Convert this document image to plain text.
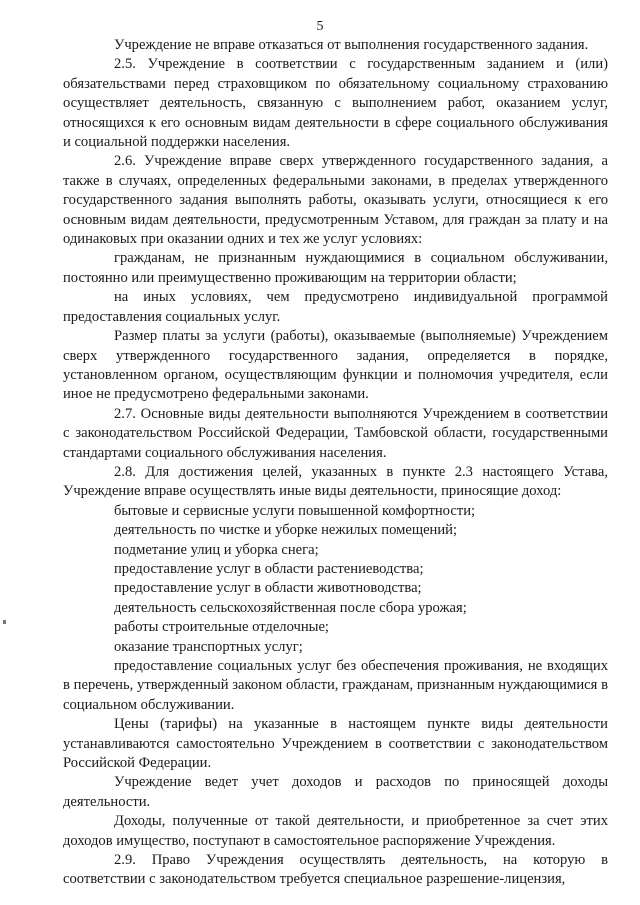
5

Учреждение не вправе отказаться от выполнения государственного задания.

2.5. Учреждение в соответствии с государственным заданием и (или) обязательствами перед страховщиком по обязательному социальному страхованию осуществляет деятельность, связанную с выполнением работ, оказанием услуг, относящихся к его основным видам деятельности в сфере социального обслуживания и социальной поддержки населения.

2.6. Учреждение вправе сверх утвержденного государственного задания, а также в случаях, определенных федеральными законами, в пределах утвержденного государственного задания выполнять работы, оказывать услуги, относящиеся к его основным видам деятельности, предусмотренным Уставом, для граждан за плату и на одинаковых при оказании одних и тех же услуг условиях:

гражданам, не признанным нуждающимися в социальном обслуживании, постоянно или преимущественно проживающим на территории области;

на иных условиях, чем предусмотрено индивидуальной программой предоставления социальных услуг.

Размер платы за услуги (работы), оказываемые (выполняемые) Учреждением сверх утвержденного государственного задания, определяется в порядке, установленном органом, осуществляющим функции и полномочия учредителя, если иное не предусмотрено федеральными законами.

2.7. Основные виды деятельности выполняются Учреждением в соответствии с законодательством Российской Федерации, Тамбовской области, государственными стандартами социального обслуживания населения.

2.8. Для достижения целей, указанных в пункте 2.3 настоящего Устава, Учреждение вправе осуществлять иные виды деятельности, приносящие доход:

бытовые и сервисные услуги повышенной комфортности;

деятельность по чистке и уборке нежилых помещений;

подметание улиц и уборка снега;

предоставление услуг в области растениеводства;

предоставление услуг в области животноводства;

деятельность сельскохозяйственная после сбора урожая;

работы строительные отделочные;

оказание транспортных услуг;

предоставление социальных услуг без обеспечения проживания, не входящих в перечень, утвержденный законом области, гражданам, признанным нуждающимися в социальном обслуживании.

Цены (тарифы) на указанные в настоящем пункте виды деятельности устанавливаются самостоятельно Учреждением в соответствии с законодательством Российской Федерации.

Учреждение ведет учет доходов и расходов по приносящей доходы деятельности.

Доходы, полученные от такой деятельности, и приобретенное за счет этих доходов имущество, поступают в самостоятельное распоряжение Учреждения.

2.9. Право Учреждения осуществлять деятельность, на которую в соответствии с законодательством требуется специальное разрешение-лицензия,
